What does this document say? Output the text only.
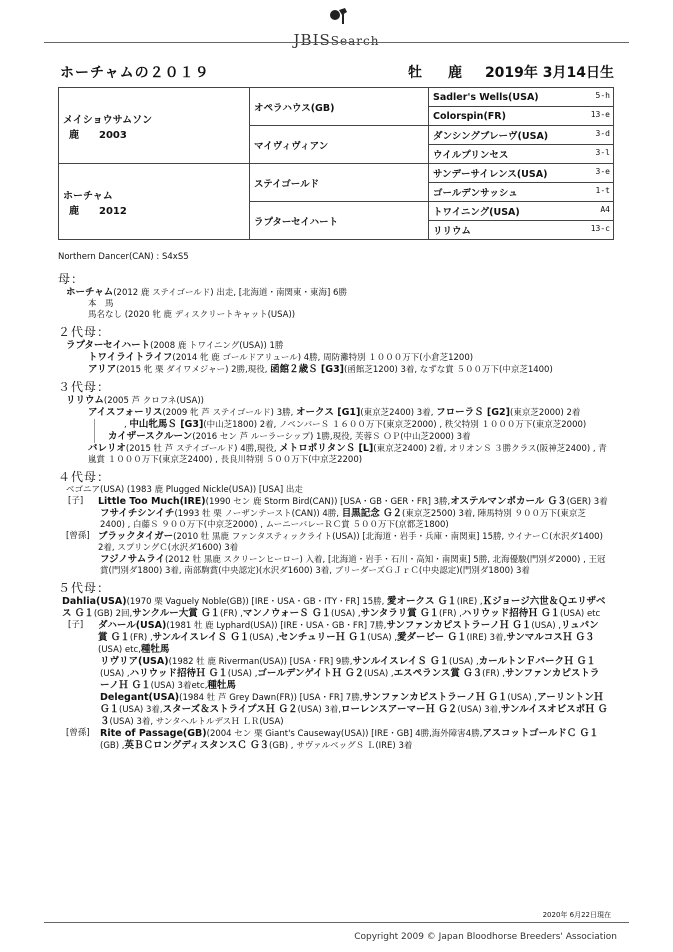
JBISSearch
ホーチャムの２０１９	牡　鹿 2019年 3月14日生
メイショウサムソン
鹿　　2003	オペラハウス(GB)	Sadler's Wells(USA) 5-h

		Colorspin(FR) 13-e

	マイヴィヴィアン	ダンシングブレーヴ(USA) 3-d

		ウイルプリンセス 3-l

ホーチャム
鹿　　2012	ステイゴールド	サンデーサイレンス(USA) 3-e

		ゴールデンサッシュ 1-t

	ラプターセイハート	トワイニング(USA) A4

		リリウム 13-c
Northern Dancer(CAN) : S4xS5
母：
ホーチャム(2012 鹿 ステイゴールド) 出走, [北海道・南関東・東海] 6勝
本　馬
馬名なし (2020 牝 鹿 ディスクリートキャット(USA))
２代母：
ラプターセイハート(2008 鹿 トワイニング(USA)) 1勝
トワイライトライフ(2014 牝 鹿 ゴールドアリュール) 4勝, 周防灘特別 １０００万下(小倉芝1200)
アリア(2015 牝 栗 ダイワメジャー) 2勝,現役, 函館２歳Ｓ [G3](函館芝1200) 3着, なずな賞 ５００万下(中京芝1400)
３代母：
リリウム(2005 芦 クロフネ(USA))
アイスフォーリス(2009 牝 芦 ステイゴールド) 3勝, オークス [G1](東京芝2400) 3着, フローラＳ [G2](東京芝2000) 2着
, 中山牝馬Ｓ [G3](中山芝1800) 2着, ノベンバーＳ １６００万下(東京芝2000) , 秩父特別 １０００万下(東京芝2000)
カイザースクルーン(2016 セン 芦 ルーラーシップ) 1勝,現役, 芙蓉Ｓ ＯＰ(中山芝2000) 3着
バレリオ(2015 牡 芦 ステイゴールド) 4勝,現役, メトロポリタンＳ [L](東京芝2400) 2着, オリオンＳ ３勝クラス(阪神芝2400) , 青嵐賞 １０００万下(東京芝2400) , 長良川特別 ５００万下(中京芝2200)
４代母：
ベゴニア(USA) (1983 鹿 Plugged Nickle(USA)) [USA] 出走
[子] Little Too Much(IRE)(1990 セン 鹿 Storm Bird(CAN)) [USA・GB・GER・FR] 3勝,オステルマンポカール Ｇ３(GER) 3着
フサイチシンイチ(1993 牡 栗 ノーザンテースト(CAN)) 4勝, 目黒記念 Ｇ２(東京芝2500) 3着, 陣馬特別 ９００万下(東京芝2400) , 白藤Ｓ ９００万下(中京芝2000) , ムーニーバレーＲＣ賞 ５００万下(京都芝1800)
[曾孫] ブラックタイガー(2010 牡 黒鹿 ファンタスティックライト(USA)) [北海道・岩手・兵庫・南関東] 15勝, ウイナーＣ(水沢ダ1400) 2着, スプリングＣ(水沢ダ1600) 3着
フジノサムライ(2012 牡 黒鹿 スクリーンヒーロー) 入着, [北海道・岩手・石川・高知・南関東] 5勝, 北海優駿(門別ダ2000) , 王冠賞(門別ダ1800) 3着, 南部駒賞(中央認定)(水沢ダ1600) 3着, ブリーダーズＧＪｒＣ(中央認定)(門別ダ1800) 3着
５代母：
Dahlia(USA)(1970 栗 Vaguely Noble(GB)) [IRE・USA・GB・ITY・FR] 15勝, 愛オークス Ｇ１(IRE) ,Ｋジョージ六世＆Ｑエリザベス Ｇ１(GB) 2回,サンクルー大賞 Ｇ１(FR) ,マンノウォーＳ Ｇ１(USA) ,サンタラリ賞 Ｇ１(FR) ,ハリウッド招待Ｈ Ｇ１(USA) etc
[子] ダハール(USA)(1981 牡 鹿 Lyphard(USA)) [IRE・USA・GB・FR] 7勝,サンファンカピストラーノＨ Ｇ１(USA) ,リュパン賞 Ｇ１(FR) ,サンルイスレイＳ Ｇ１(USA) ,センチュリーＨ Ｇ１(USA) ,愛ダービー Ｇ１(IRE) 3着,サンマルコスＨ Ｇ３(USA) etc,種牡馬
リヴリア(USA)(1982 牡 鹿 Riverman(USA)) [USA・FR] 9勝,サンルイスレイＳ Ｇ１(USA) ,カールトンＦバークＨ Ｇ１(USA) ,ハリウッド招待Ｈ Ｇ１(USA) ,ゴールデンゲイトＨ Ｇ２(USA) ,エスペランス賞 Ｇ３(FR) ,サンファンカピストラーノＨ Ｇ１(USA) 3着etc,種牡馬
Delegant(USA)(1984 牡 芦 Grey Dawn(FR)) [USA・FR] 7勝,サンファンカピストラーノＨ Ｇ１(USA) ,アーリントンＨ Ｇ１(USA) 3着,スターズ＆ストライプスＨ Ｇ２(USA) 3着,ローレンスアーマーＨ Ｇ２(USA) 3着,サンルイスオビスポＨ Ｇ３(USA) 3着, サンタヘルトルデスＨ ＬＲ(USA)
[曾孫] Rite of Passage(GB)(2004 セン 栗 Giant's Causeway(USA)) [IRE・GB] 4勝,海外障害4勝,アスコットゴールドＣ Ｇ１(GB) ,英ＢＣロングディスタンスＣ Ｇ３(GB) , サヴァルベッグＳ Ｌ(IRE) 3着
2020年 6月22日現在
Copyright 2009 © Japan Bloodhorse Breeders' Association
